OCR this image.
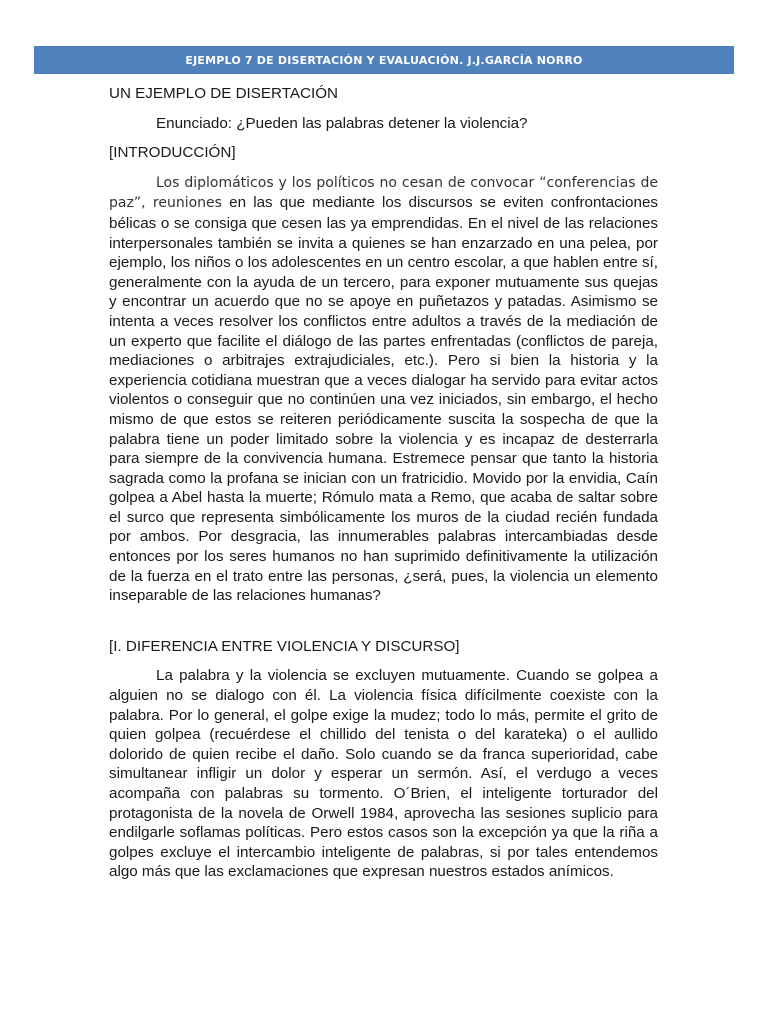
EJEMPLO 7 DE DISERTACIÓN Y EVALUACIÓN. J.J.GARCÍA NORRO

UN EJEMPLO DE DISERTACIÓN

Enunciado: ¿Pueden las palabras detener la violencia?

[INTRODUCCIÓN]

Los diplomáticos y los políticos no cesan de convocar “conferencias de paz”, reuniones en las que mediante los discursos se eviten confrontaciones bélicas o se consiga que cesen las ya emprendidas. En el nivel de las relaciones interpersonales también se invita a quienes se han enzarzado en una pelea, por ejemplo, los niños o los adolescentes en un centro escolar, a que hablen entre sí, generalmente con la ayuda de un tercero, para exponer mutuamente sus quejas y encontrar un acuerdo que no se apoye en puñetazos y patadas. Asimismo se intenta a veces resolver los conflictos entre adultos a través de la mediación de un experto que facilite el diálogo de las partes enfrentadas (conflictos de pareja, mediaciones o arbitrajes extrajudiciales, etc.). Pero si bien la historia y la experiencia cotidiana muestran que a veces dialogar ha servido para evitar actos violentos o conseguir que no continúen una vez iniciados, sin embargo, el hecho mismo de que estos se reiteren periódicamente suscita la sospecha de que la palabra tiene un poder limitado sobre la violencia y es incapaz de desterrarla para siempre de la convivencia humana. Estremece pensar que tanto la historia sagrada como la profana se inician con un fratricidio. Movido por la envidia, Caín golpea a Abel hasta la muerte; Rómulo mata a Remo, que acaba de saltar sobre el surco que representa simbólicamente los muros de la ciudad recién fundada por ambos. Por desgracia, las innumerables palabras intercambiadas desde entonces por los seres humanos no han suprimido definitivamente la utilización de la fuerza en el trato entre las personas, ¿será, pues, la violencia un elemento inseparable de las relaciones humanas?

[I. DIFERENCIA ENTRE VIOLENCIA Y DISCURSO]

La palabra y la violencia se excluyen mutuamente. Cuando se golpea a alguien no se dialogo con él. La violencia física difícilmente coexiste con la palabra. Por lo general, el golpe exige la mudez; todo lo más, permite el grito de quien golpea (recuérdese el chillido del tenista o del karateka) o el aullido dolorido de quien recibe el daño. Solo cuando se da franca superioridad, cabe simultanear infligir un dolor y esperar un sermón. Así, el verdugo a veces acompaña con palabras su tormento. O´Brien, el inteligente torturador del protagonista de la novela de Orwell 1984, aprovecha las sesiones suplicio para endilgarle soflamas políticas. Pero estos casos son la excepción ya que la riña a golpes excluye el intercambio inteligente de palabras, si por tales entendemos algo más que las exclamaciones que expresan nuestros estados anímicos.
